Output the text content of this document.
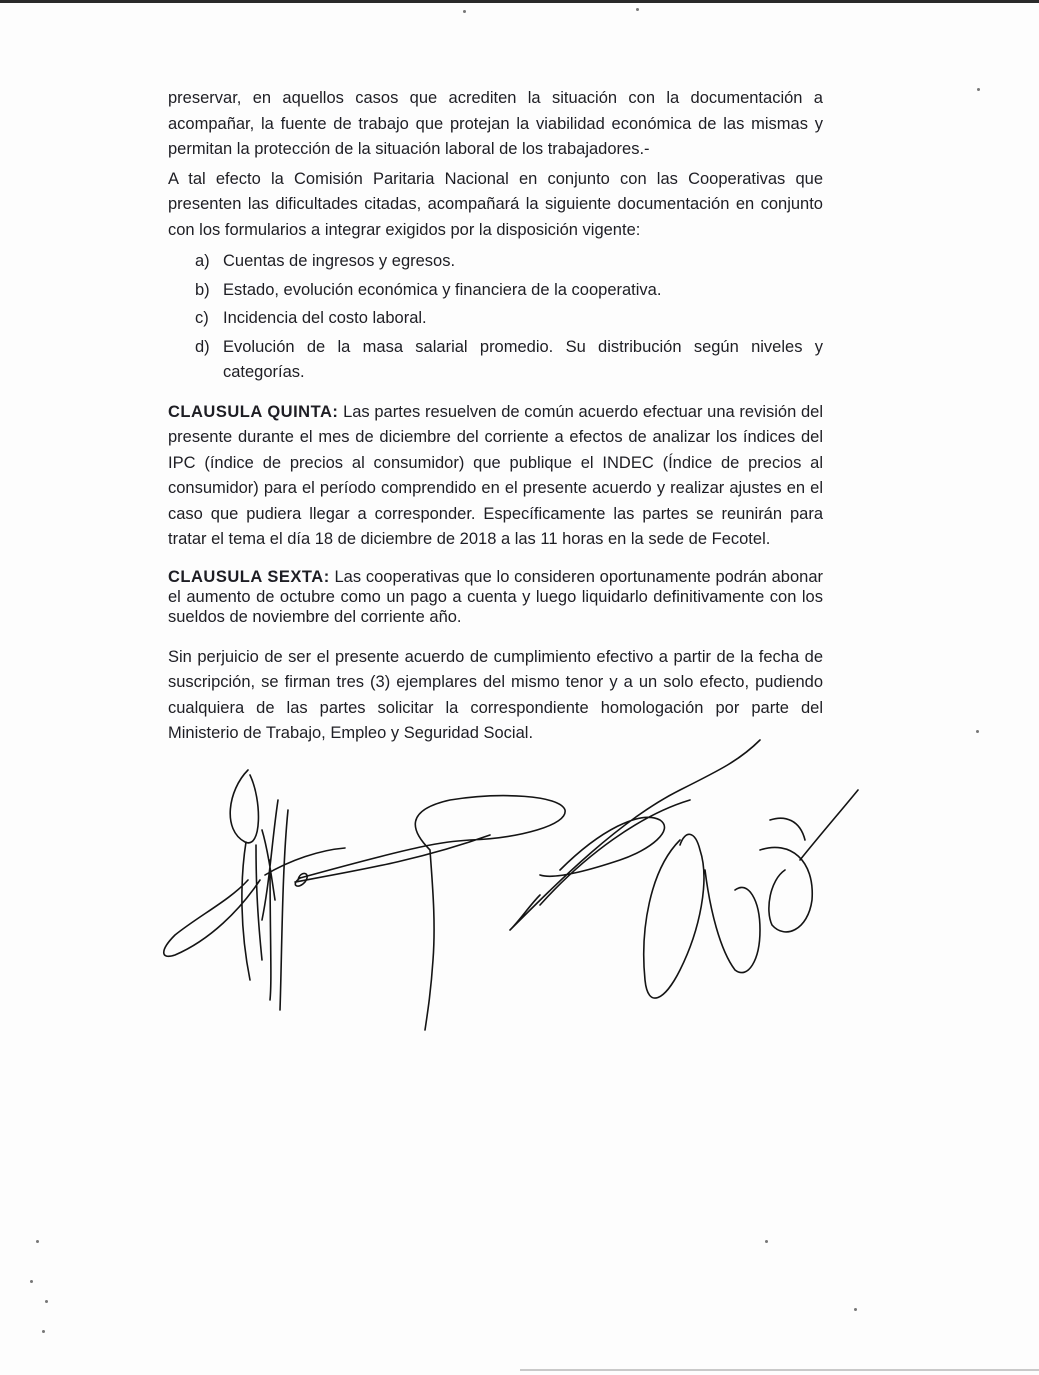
preservar, en aquellos casos que acrediten la situación con la documentación a acompañar, la fuente de trabajo que protejan la viabilidad económica de las mismas y permitan la protección de la situación laboral de los trabajadores.-

A tal efecto la Comisión Paritaria Nacional en conjunto con las Cooperativas que presenten las dificultades citadas, acompañará la siguiente documentación en conjunto con los formularios a integrar exigidos por la disposición vigente:

a) Cuentas de ingresos y egresos.
b) Estado, evolución económica y financiera de la cooperativa.
c) Incidencia del costo laboral.
d) Evolución de la masa salarial promedio. Su distribución según niveles y categorías.

CLAUSULA QUINTA: Las partes resuelven de común acuerdo efectuar una revisión del presente durante el mes de diciembre del corriente a efectos de analizar los índices del IPC (índice de precios al consumidor) que publique el INDEC (Índice de precios al consumidor) para el período comprendido en el presente acuerdo y realizar ajustes en el caso que pudiera llegar a corresponder. Específicamente las partes se reunirán para tratar el tema el día 18 de diciembre de 2018 a las 11 horas en la sede de Fecotel.

CLAUSULA SEXTA: Las cooperativas que lo consideren oportunamente podrán abonar el aumento de octubre como un pago a cuenta y luego liquidarlo definitivamente con los sueldos de noviembre del corriente año.

Sin perjuicio de ser el presente acuerdo de cumplimiento efectivo a partir de la fecha de suscripción, se firman tres (3) ejemplares del mismo tenor y a un solo efecto, pudiendo cualquiera de las partes solicitar la correspondiente homologación por parte del Ministerio de Trabajo, Empleo y Seguridad Social.
